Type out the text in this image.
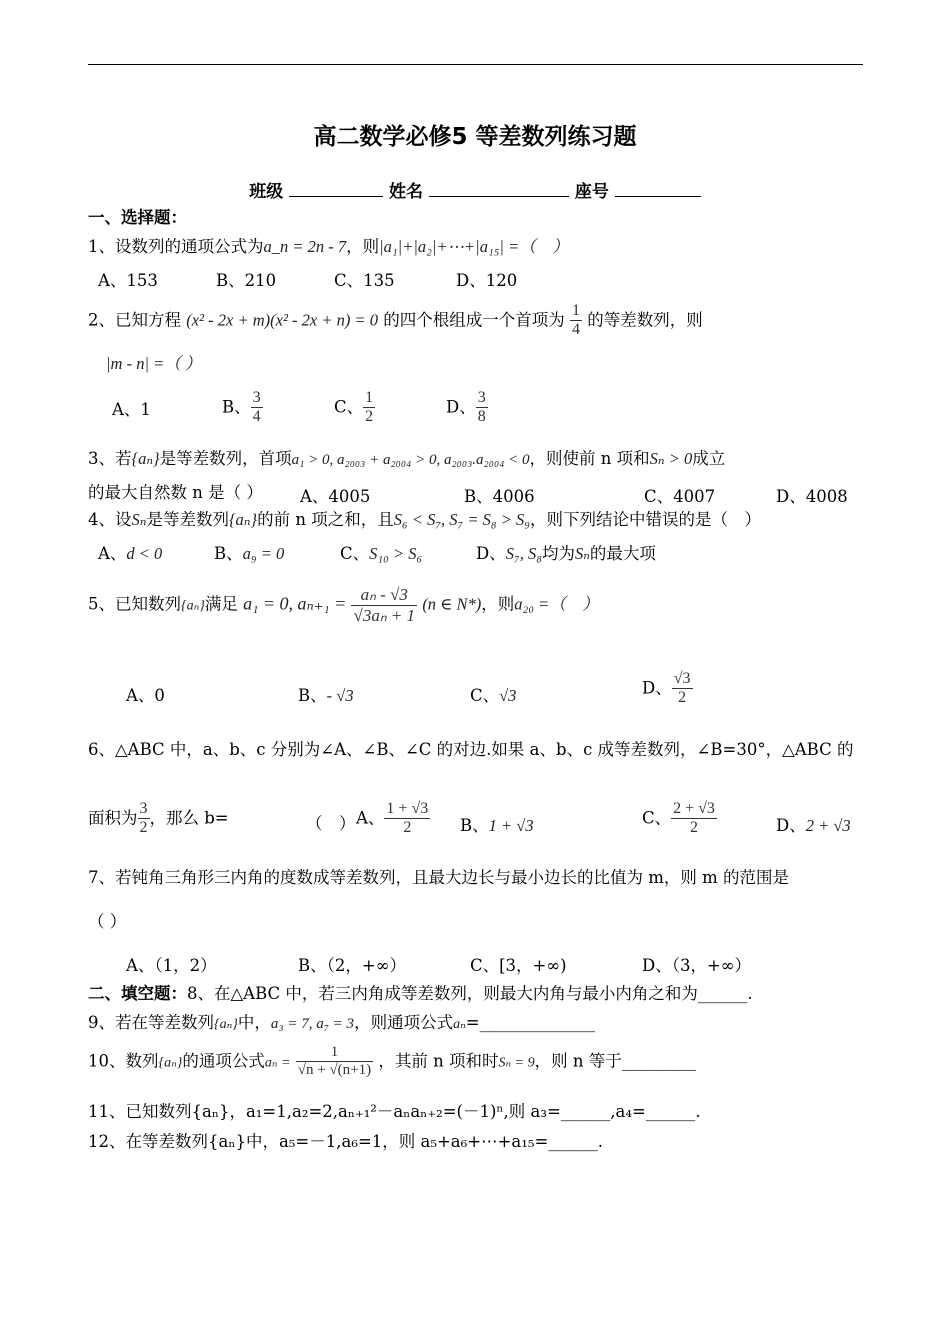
高二数学必修5 等差数列练习题
班级	姓名	座号
一、选择题：
1、设数列的通项公式为a_n = 2n - 7，则|a₁|+|a₂|+⋯+|a₁₅| =（　）
A、153	B、210	C、135	D、120
2、已知方程 (x² - 2x + m)(x² - 2x + n) = 0 的四个根组成一个首项为 $\frac{1}{4}$ 的等差数列，则
|m - n| =（ ）
A、1	B、 $\frac{3}{4}$	C、 $\frac{1}{2}$	D、 $\frac{3}{8}$
3、若{aₙ}是等差数列，首项a₁ > 0, a₂₀₀₃ + a₂₀₀₄ > 0, a₂₀₀₃.a₂₀₀₄ < 0，则使前 n 项和Sₙ > 0成立
的最大自然数 n 是（ ） A、4005	B、4006	C、4007	D、4008
4、设Sₙ是等差数列{aₙ}的前 n 项之和，且S₆ < S₇, S₇ = S₈ > S₉，则下列结论中错误的是（　）
A、d < 0	B、a₉ = 0	C、S₁₀ > S₆	D、S₇, S₈均为Sₙ的最大项
5、已知数列{aₙ}满足 a₁ = 0, $a_{n+1} = \frac{\text{aₙ - √3}}{\text{√3aₙ + 1}} (n$ ∈ N*)，则a₂₀ =（　）
A、0	B、- √3	C、√3	D、 $\frac{√3}{2}$
6、△ABC 中，a、b、c 分别为∠A、∠B、∠C 的对边.如果 a、b、c 成等差数列，∠B=30°，△ABC 的
面积为 $\frac{3}{2}$ ，那么 b=	（　） A、 $\frac{1 + √3}{2}$ B、1 + √3	C、 $\frac{2 + √3}{2}$	D、2 + √3
7、若钝角三角形三内角的度数成等差数列，且最大边长与最小边长的比值为 m，则 m 的范围是
（ ）
A、（1，2）	B、（2，+∞）	C、[3，+∞)	D、（3，+∞）
二、填空题：8、在△ABC 中，若三内角成等差数列，则最大内角与最小内角之和为______.
9、若在等差数列{aₙ}中，a₃ = 7, a₇ = 3，则通项公式aₙ=______________
10、数列{aₙ}的通项公式$a_n = \frac{1}{√n + √(n+1)}$ ，其前 n 项和时Sₙ = 9，则 n 等于_________
11、已知数列{aₙ}，a₁=1,a₂=2,aₙ₊₁²－aₙaₙ₊₂=(－1)ⁿ,则 a₃=______,a₄=______.
12、在等差数列{aₙ}中，a₅=－1,a₆=1，则 a₅+a₆+⋯+a₁₅=______.
